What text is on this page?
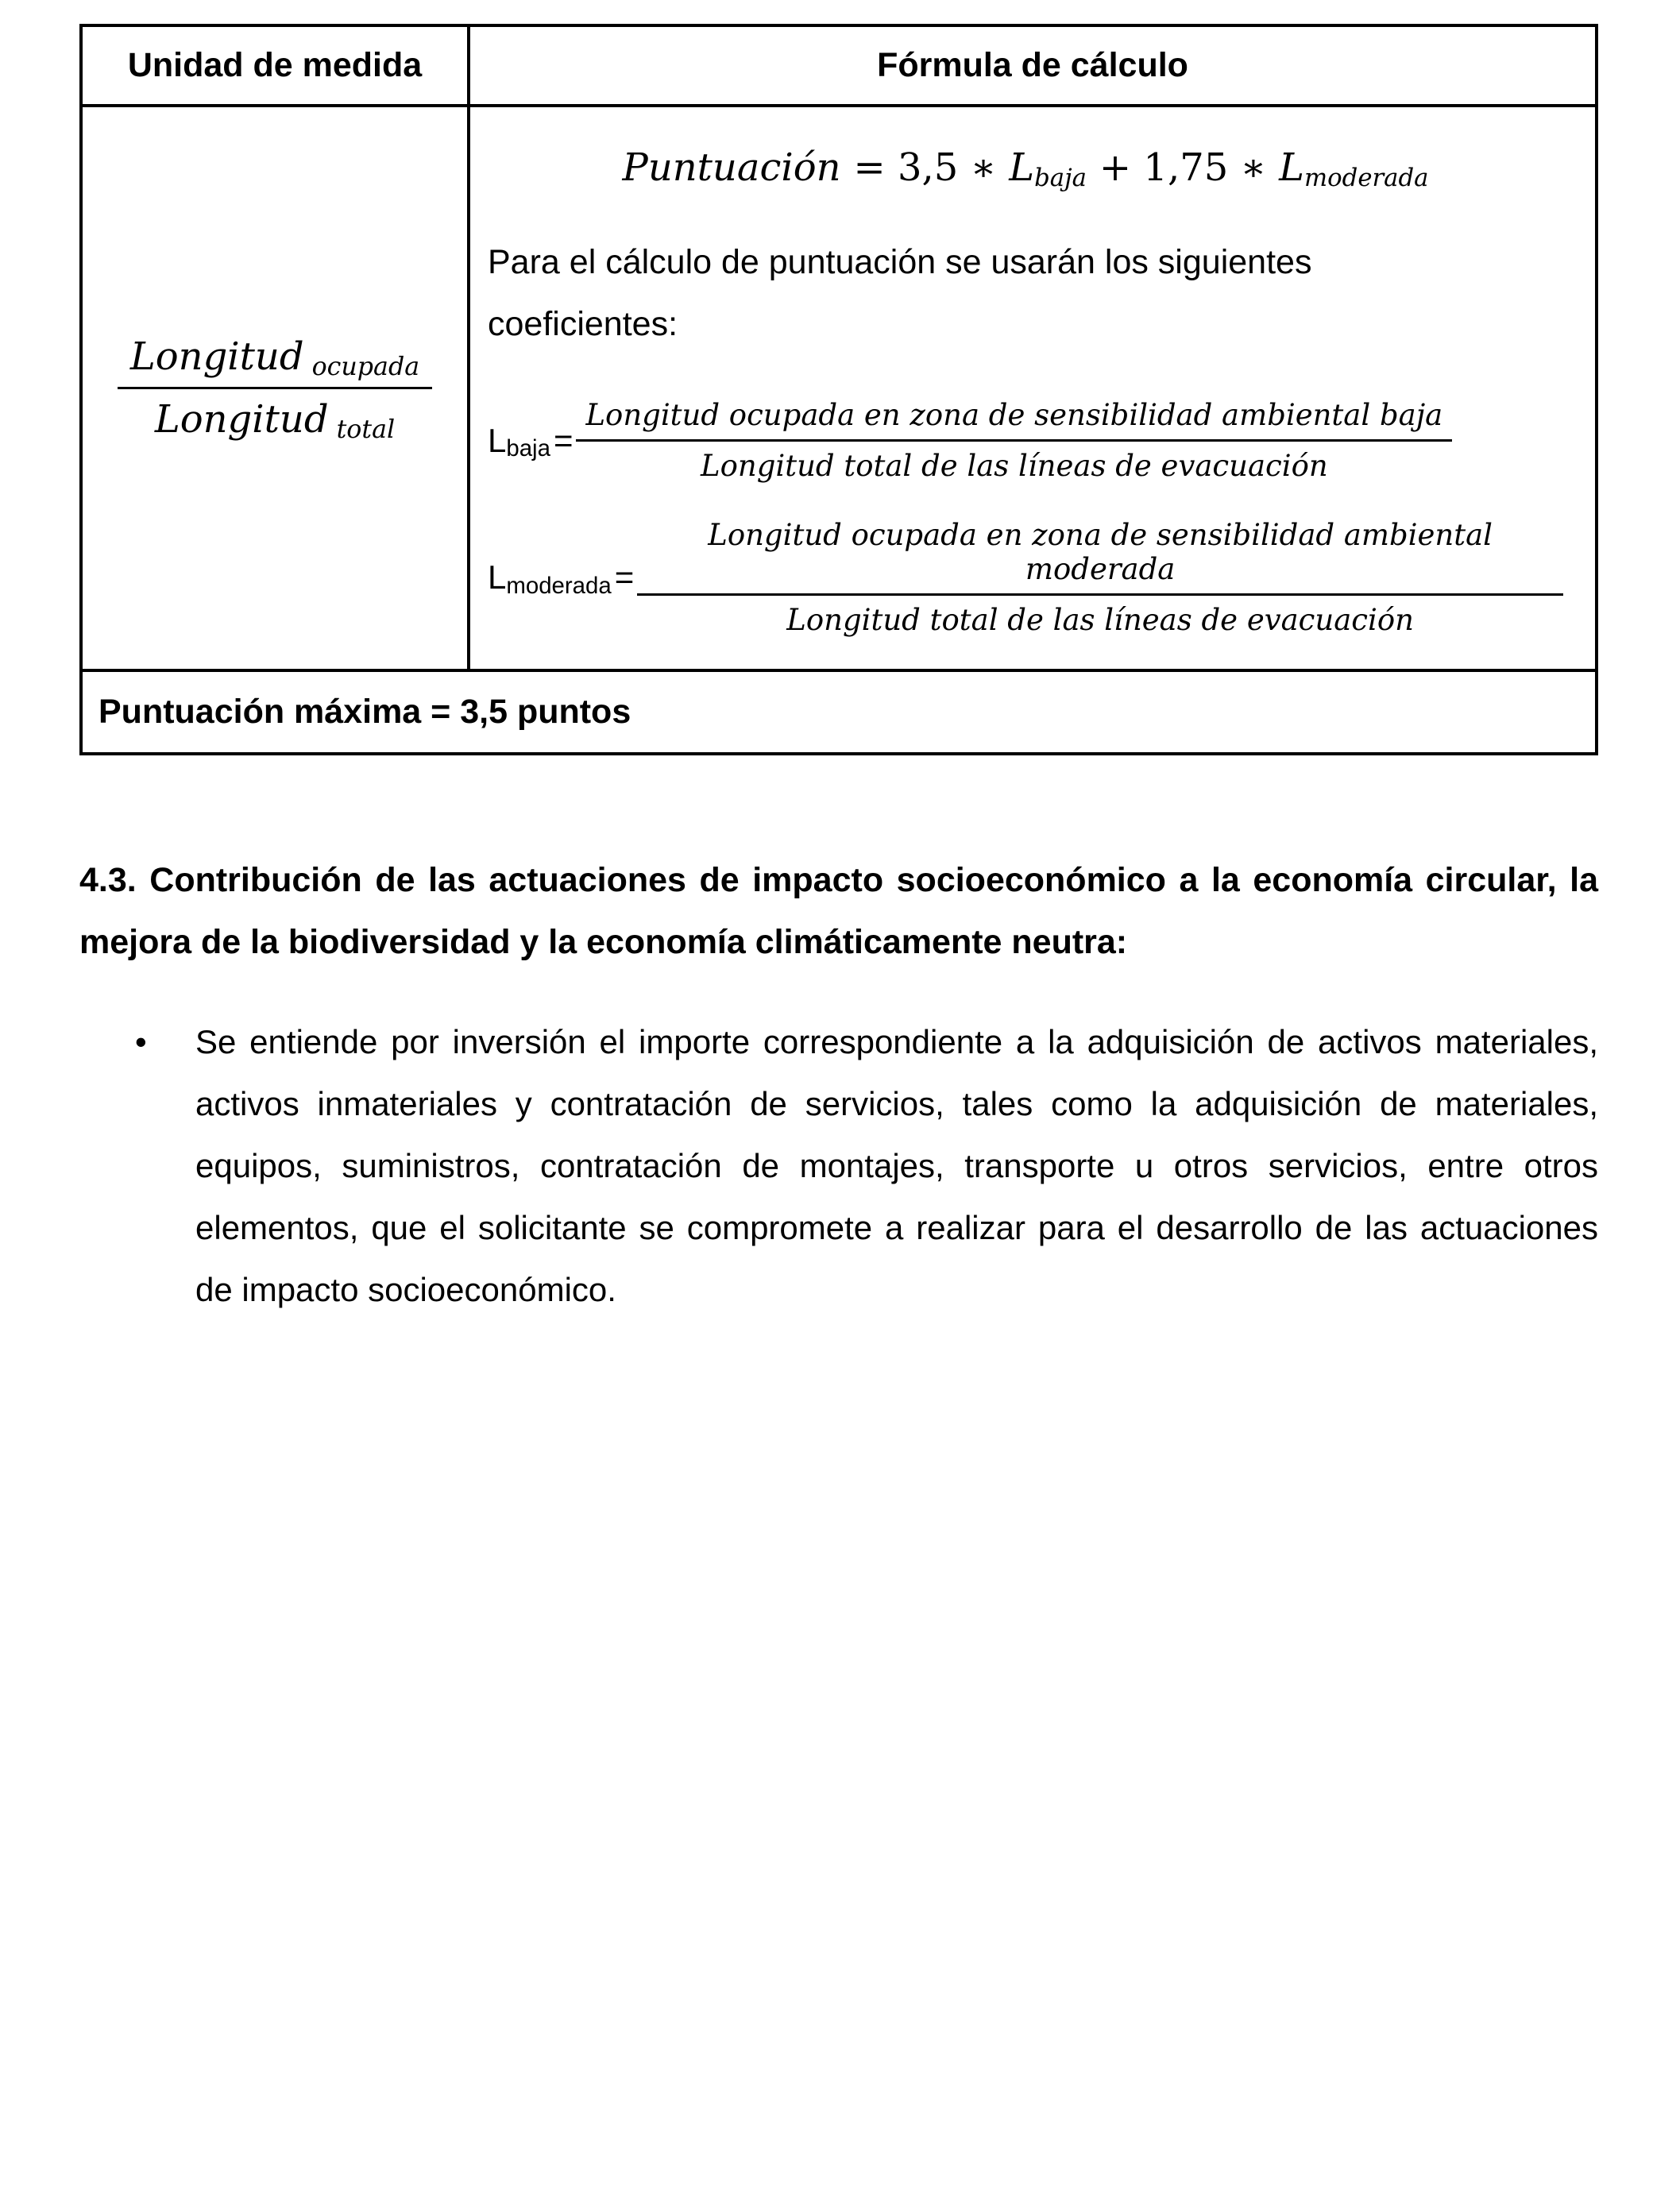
Unidad de medida	Fórmula de cálculo
$\frac{Longitud _{ocupada}}{Longitud _{total}}$
Puntuación = 3,5 ∗ $L_{baja} + 1,75$ ∗ $L_{moderada}$
Para el cálculo de puntuación se usarán los siguientes
coeficientes:
$L_{baja}= \frac{\text{Longitud ocupada en zona de sensibilidad ambiental baja}}{\text{Longitud total de las líneas de evacuación}}$
$L_{moderada}= \frac{\text{Longitud ocupada en zona de sensibilidad ambiental moderada}}{\text{Longitud total de las líneas de evacuación}}$
Puntuación máxima = 3,5 puntos
4.3. Contribución de las actuaciones de impacto socioeconómico a la economía circular, la mejora de la biodiversidad y la economía climáticamente neutra:
•	Se entiende por inversión el importe correspondiente a la adquisición de activos materiales, activos inmateriales y contratación de servicios, tales como la adquisición de materiales, equipos, suministros, contratación de montajes, transporte u otros servicios, entre otros elementos, que el solicitante se compromete a realizar para el desarrollo de las actuaciones de impacto socioeconómico.
